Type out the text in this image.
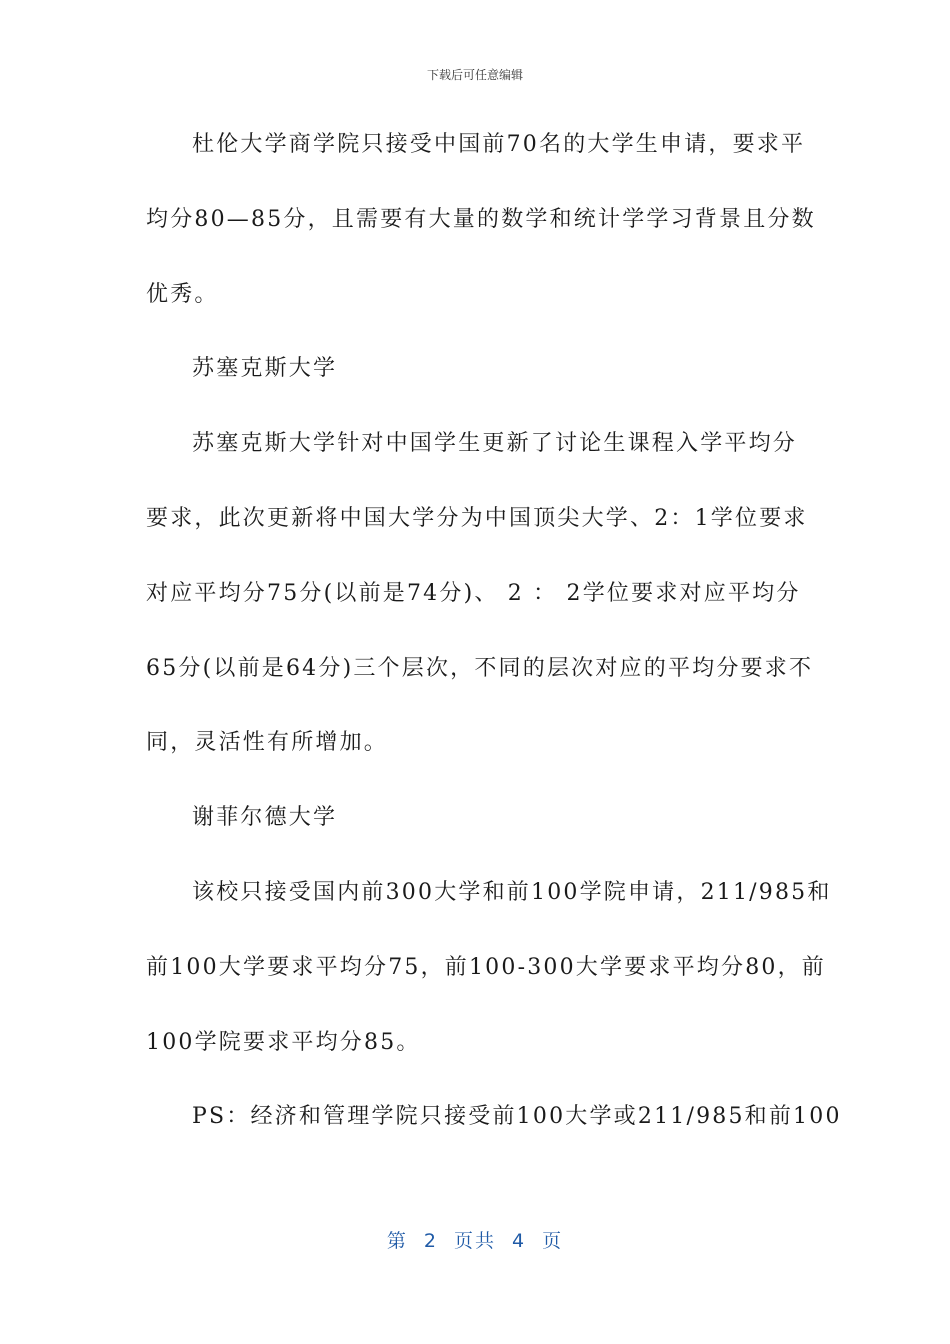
下载后可任意编辑
杜伦大学商学院只接受中国前70名的大学生申请，要求平
均分80—85分，且需要有大量的数学和统计学学习背景且分数
优秀。
苏塞克斯大学
苏塞克斯大学针对中国学生更新了讨论生课程入学平均分
要求，此次更新将中国大学分为中国顶尖大学、2：1学位要求
对应平均分75分(以前是74分)、 2 ： 2学位要求对应平均分
65分(以前是64分)三个层次，不同的层次对应的平均分要求不
同，灵活性有所增加。
谢菲尔德大学
该校只接受国内前300大学和前100学院申请，211/985和
前100大学要求平均分75，前100-300大学要求平均分80，前
100学院要求平均分85。
PS：经济和管理学院只接受前100大学或211/985和前100
第 2 页共 4 页
